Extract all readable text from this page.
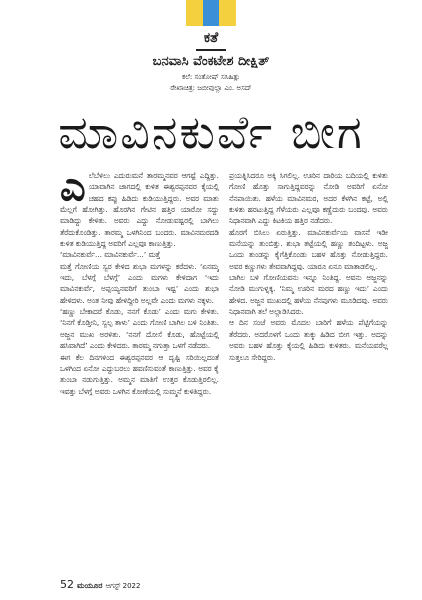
ಕತೆ
ಬನವಾಸಿ ವೆಂಕಟೇಶ ದೀಕ್ಷಿತ್
ಕಲೆ: ಸಂತೋಷ್ ಸಸಿಹಿತ್ಲು
ರೇಖಾಚಿತ್ರ: ಜಬೀವುಲ್ಲಾ ಎಂ. ಅಸದ್
ಮಾವಿನಕುರ್ವೆ ಬೀಗ

ಎಲೆಬೆಳಿಲು ಎದುರುಮನೆ ತಾರಮ್ಮನವರ ಆಗಷ್ಟೆ ಎದ್ದಿತ್ತು. ಯಾವಾಗಿನ ಜಾಗದಲ್ಲಿ ಕುಳಿತ ಈಶ್ವರಪ್ಪನವರ ಕೈಯಲ್ಲಿ ಚಹದ ಕಪ್ಪು ಹಿಡಿದು ಕುಡಿಯುತ್ತಿದ್ದರು. ಅವರ ಮಾತು ಮೆಲ್ಲಗೆ ಹೋಗಿತ್ತು. ಹೊರಗಿನ ಗೇಟಿನ ಹತ್ತಿರ ಯಾರೋ ಸದ್ದು ಮಾಡಿದ್ದು ಕೇಳಿತು. ಅವರು ಎದ್ದು ನೋಡುವಷ್ಟರಲ್ಲಿ ಬಾಗಿಲು ತೆರೆದುಕೊಂಡಿತ್ತು. ತಾರಮ್ಮ ಒಳಗಿನಿಂದ ಬಂದರು. ಮಾವಿನಮರದಡಿ ಕುಳಿತ ಕುಡಿಯುತ್ತಿದ್ದ ಅವರಿಗೆ ಎಲ್ಲವೂ ಕಾಣುತ್ತಿತ್ತು.

‘ಮಾವಿನಕುರ್ವೆ... ಮಾವಿನಕುರ್ವೆ...’ ಮತ್ತೆ

ಮತ್ತೆ ಗೋಣಿಯ ಸ್ವರ ಕೇಳಿದ ಶುಭಾ ಮಗಳನ್ನು ಕರೆದಳು. ‘ಏನಮ್ಮ ಇದು, ಬೆಳಗ್ಗೆ ಬೆಳಗ್ಗೆ’ ಎಂದು ಮಗಳು ಕೇಳಿದಾಗ ‘ಇದು ಮಾವಿನಕುರ್ವೆ, ಅಪ್ಪಯ್ಯನವರಿಗೆ ತುಂಬಾ ಇಷ್ಟ’ ಎಂದು ಶುಭಾ ಹೇಳಿದಳು. ಅಂತ ನೀವು ಹೇಳಿದ್ದೀರಿ ಅಲ್ಲವೇ ಎಂದು ಮಗಳು ನಕ್ಕಳು.

‘ಹಣ್ಣು ಬೇಕಾದರೆ ಕೊಡು, ನನಗೆ ಕೊಡು’ ಎಂದು ಮಗು ಕೇಳಿತು. ‘ನಿನಗೆ ಕೊಡ್ತೀನಿ, ಸ್ವಲ್ಪ ತಾಳು’ ಎಂದು ಗೋಣಿ ಬಾಗಿಲ ಬಳಿ ನಿಂತಿತು. ಅಜ್ಜನ ಮುಖ ಅರಳಿತು. ‘ನನಗೆ ದೋಸೆ ಕೊಡು, ಹೊಟ್ಟೆಯಲ್ಲಿ ಹಸಿವಾಗಿದೆ’ ಎಂದು ಕೇಳಿದರು. ತಾರಮ್ಮ ನಗುತ್ತಾ ಒಳಗೆ ನಡೆದರು.

ಈಗ ಕೆಲ ದಿನಗಳಿಂದ ಈಶ್ವರಪ್ಪನವರ ಆ ದೃಷ್ಟಿ ಸರಿಯಿಲ್ಲದಂತೆ ಒಳಗಿಂದ ಏನೋ ಎದ್ದುಬರಲು ಹವಣಿಸುವಂತೆ ಕಾಣುತ್ತಿತ್ತು. ಅವರ ಕೈ ತುಂಬಾ ನಡುಗುತ್ತಿತ್ತು. ಅಮ್ಮನ ಮಾತಿಗೆ ಉತ್ತರ ಕೊಡುತ್ತಿರಲಿಲ್ಲ. ಇವತ್ತು ಬೆಳಗ್ಗೆ ಅವರು ಒಳಗಿನ ಕೋಣೆಯಲ್ಲಿ ಸುಮ್ಮನೆ ಕುಳಿತಿದ್ದರು.

ಪ್ರಯತ್ನಿಸಿದರೂ ಅಕ್ಕಿ ಸಿಗಲಿಲ್ಲ. ಊರಿನ ದಾರಿಯ ಬದಿಯಲ್ಲಿ ಕುಳಿತು ಗೋಣಿ ಹೊತ್ತು ಸಾಗುತ್ತಿದ್ದವರನ್ನು ನೋಡಿ ಅವರಿಗೆ ಏನೋ ನೆನಪಾಯಿತು. ಹಳೆಯ ಮಾವಿನಮರ, ಅದರ ಕೆಳಗಿನ ಕಟ್ಟೆ, ಅಲ್ಲಿ ಕುಳಿತು ಹರಟುತ್ತಿದ್ದ ಗೆಳೆಯರು ಎಲ್ಲವೂ ಕಣ್ಣೆದುರು ಬಂದವು. ಅವರು ನಿಧಾನವಾಗಿ ಎದ್ದು ಕಿಟಕಿಯ ಹತ್ತಿರ ನಡೆದರು.

ಹೊರಗೆ ಬಿಸಿಲು ಏರುತ್ತಿತ್ತು. ಮಾವಿನಕುರ್ವೆಯ ವಾಸನೆ ಇಡೀ ಮನೆಯನ್ನು ತುಂಬಿತ್ತು. ಶುಭಾ ತಟ್ಟೆಯಲ್ಲಿ ಹಣ್ಣು ತಂದಿಟ್ಟಳು. ಅಜ್ಜ ಒಂದು ತುಂಡನ್ನು ಕೈಗೆತ್ತಿಕೊಂಡು ಬಹಳ ಹೊತ್ತು ನೋಡುತ್ತಿದ್ದರು. ಅವರ ಕಣ್ಣುಗಳು ತೇವವಾಗಿದ್ದವು. ಯಾರೂ ಏನೂ ಮಾತಾಡಲಿಲ್ಲ.

ಬಾಗಿಲ ಬಳಿ ಗೋಣಿಯವನು ಇನ್ನೂ ನಿಂತಿದ್ದ. ಅವನು ಅಜ್ಜನನ್ನು ನೋಡಿ ಮುಗುಳ್ನಕ್ಕ. ‘ನಿಮ್ಮ ಊರಿನ ಮರದ ಹಣ್ಣು ಇದು’ ಎಂದು ಹೇಳಿದ. ಅಜ್ಜನ ಮುಖದಲ್ಲಿ ಹಳೆಯ ನೆನಪುಗಳು ಮೂಡಿದವು. ಅವರು ನಿಧಾನವಾಗಿ ತಲೆ ಅಲ್ಲಾಡಿಸಿದರು.

ಆ ದಿನ ಸಂಜೆ ಅವರು ಮೊದಲ ಬಾರಿಗೆ ಹಳೆಯ ಪೆಟ್ಟಿಗೆಯನ್ನು ತೆರೆದರು. ಅದರೊಳಗೆ ಒಂದು ತುಕ್ಕು ಹಿಡಿದ ಬೀಗ ಇತ್ತು. ಅದನ್ನು ಅವರು ಬಹಳ ಹೊತ್ತು ಕೈಯಲ್ಲಿ ಹಿಡಿದು ಕುಳಿತರು. ಮನೆಯವರೆಲ್ಲ ಸುತ್ತಲೂ ಸೇರಿದ್ದರು.

52 ಮಯೂರ ಆಗಸ್ಟ್ 2022
